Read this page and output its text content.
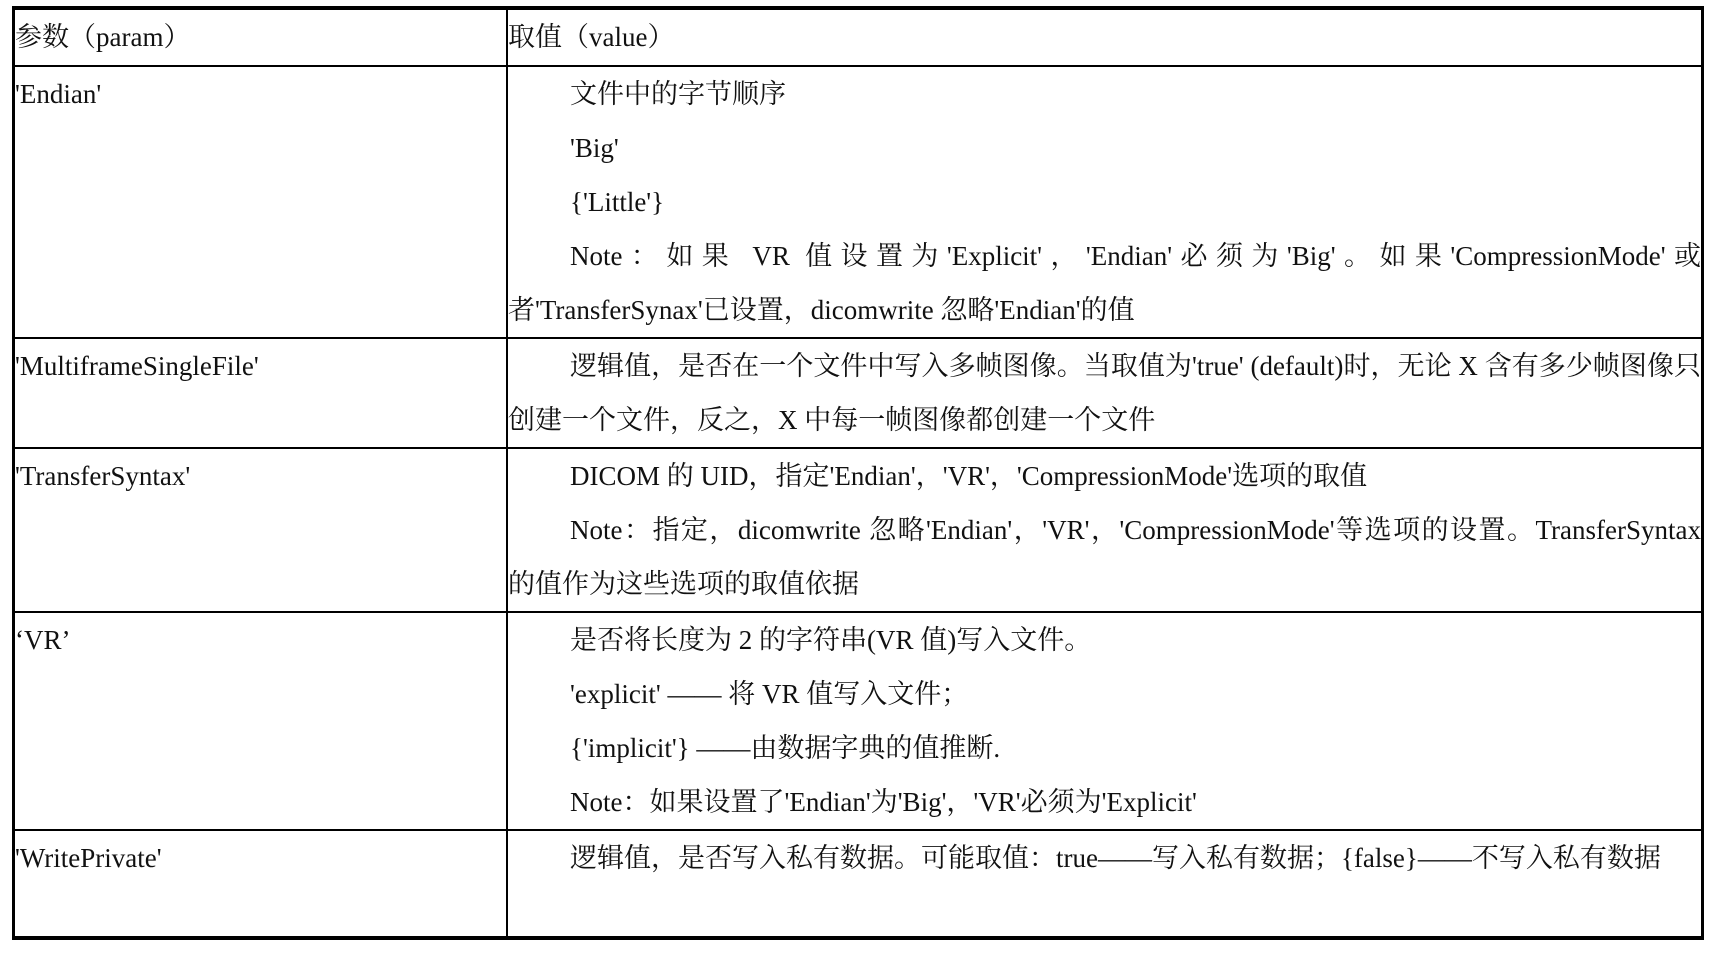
参数（param）	取值（value）
'Endian'	文件中的字节顺序
'Big'
{'Little'}
Note：如果 VR 值设置为'Explicit'，'Endian'必须为'Big'。如果'CompressionMode'或者'TransferSynax'已设置，dicomwrite 忽略'Endian'的值

'MultiframeSingleFile'	逻辑值，是否在一个文件中写入多帧图像。当取值为'true' (default)时，无论 X 含有多少帧图像只创建一个文件，反之，X 中每一帧图像都创建一个文件

'TransferSyntax'	DICOM 的 UID，指定'Endian'，'VR'，'CompressionMode'选项的取值
Note：指定，dicomwrite 忽略'Endian'，'VR'，'CompressionMode'等选项的设置。TransferSyntax 的值作为这些选项的取值依据

‘VR’	是否将长度为 2 的字符串(VR 值)写入文件。
'explicit' —— 将 VR 值写入文件；
{'implicit'} ——由数据字典的值推断.
Note：如果设置了'Endian'为'Big'，'VR'必须为'Explicit'

'WritePrivate'	逻辑值，是否写入私有数据。可能取值：true——写入私有数据；{false}——不写入私有数据
